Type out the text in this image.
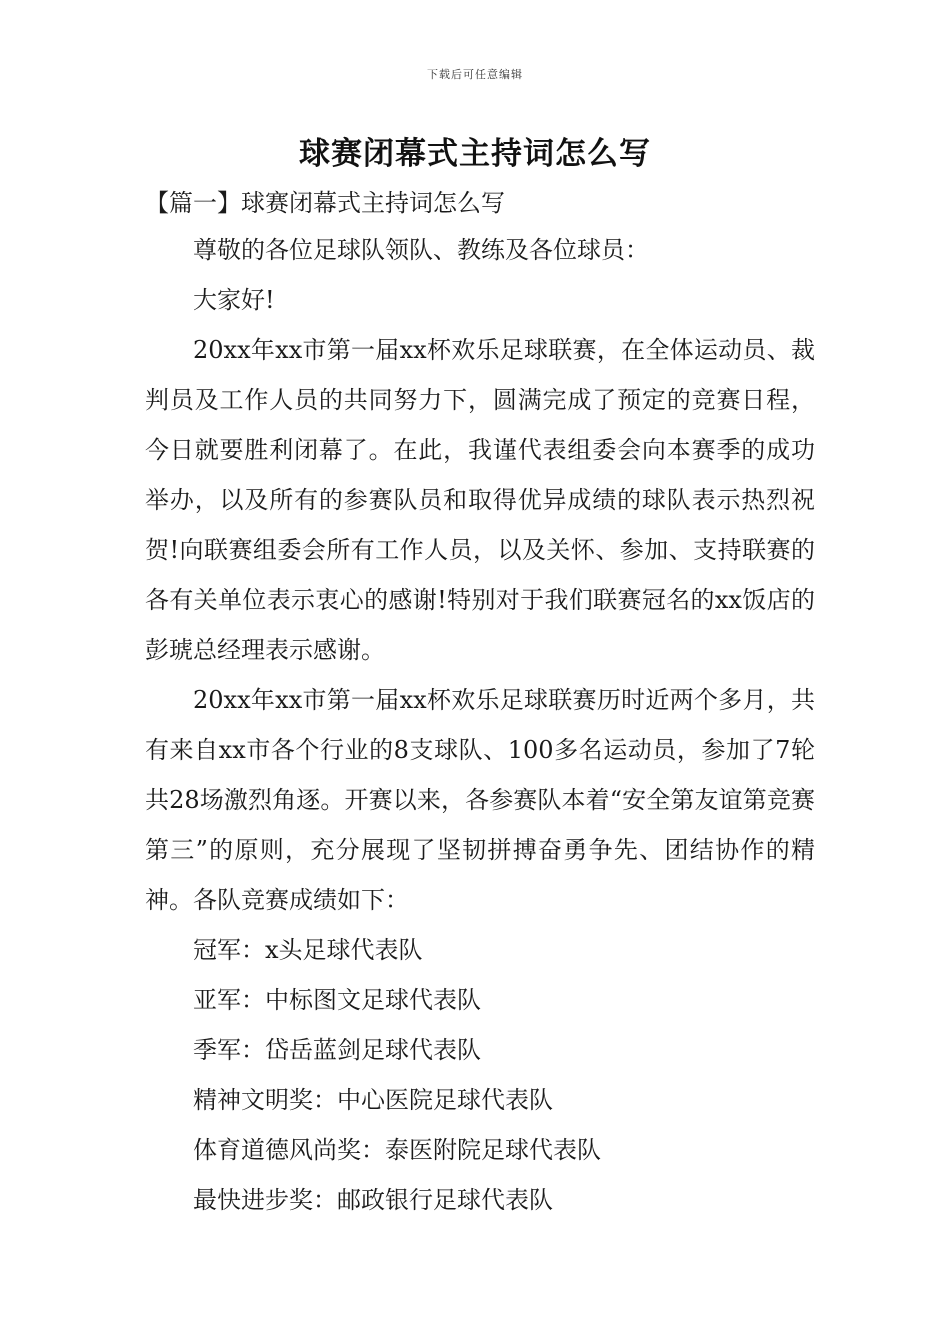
下载后可任意编辑
球赛闭幕式主持词怎么写
【篇一】球赛闭幕式主持词怎么写

尊敬的各位足球队领队、教练及各位球员：

大家好!

20xx年xx市第一届xx杯欢乐足球联赛，在全体运动员、裁判员及工作人员的共同努力下，圆满完成了预定的竞赛日程，今日就要胜利闭幕了。在此，我谨代表组委会向本赛季的成功举办，以及所有的参赛队员和取得优异成绩的球队表示热烈祝贺!向联赛组委会所有工作人员，以及关怀、参加、支持联赛的各有关单位表示衷心的感谢!特别对于我们联赛冠名的xx饭店的彭琥总经理表示感谢。

20xx年xx市第一届xx杯欢乐足球联赛历时近两个多月，共有来自xx市各个行业的8支球队、100多名运动员，参加了7轮共28场激烈角逐。开赛以来，各参赛队本着“安全第友谊第竞赛第三”的原则，充分展现了坚韧拼搏奋勇争先、团结协作的精神。各队竞赛成绩如下：

冠军：x头足球代表队

亚军：中标图文足球代表队

季军：岱岳蓝剑足球代表队

精神文明奖：中心医院足球代表队

体育道德风尚奖：泰医附院足球代表队

最快进步奖：邮政银行足球代表队
